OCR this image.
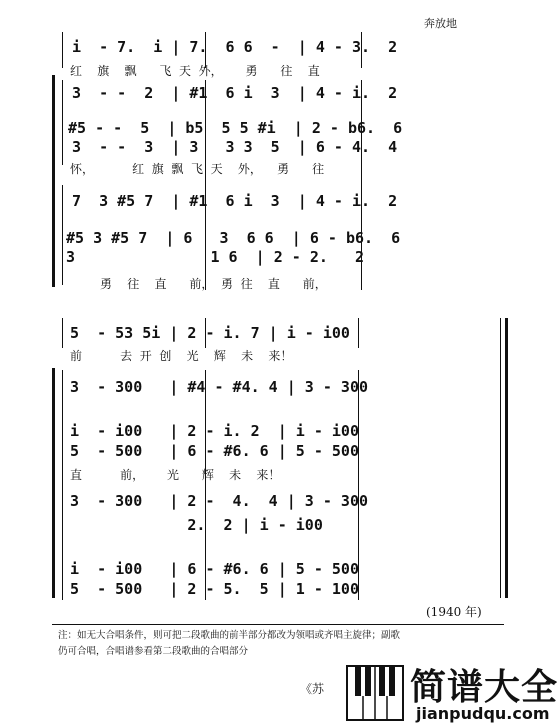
奔放地
i  - 7.  i | 7.  6 6  -  | 4 - 3.  2
红    旗    飘      飞  天  外，      勇      往    直
3  - -  2  | #1  6 i  3  | 4 - i.  2
#5 - -  5  | b5  5 5 #i  | 2 - b6.  6
3  - -  3  | 3   3 3  5  | 6 - 4.  4
怀，          红  旗  飘  飞  天    外，    勇      往
7  3 #5 7  | #1  6 i  3  | 4 - i.  2
#5 3 #5 7  | 6   3  6 6  | 6 - b6.  6
3               1 6  | 2 - 2.   2
勇    往    直      前，  勇  往    直      前，
5  - 53 5i | 2 - i. 7 | i - i00
前          去  开  创    光    辉    未    来！
3  - 300   | #4 - #4. 4 | 3 - 300
i  - i00   | 2 - i. 2  | i - i00
5  - 500   | 6 - #6. 6 | 5 - 500
直          前，      光      辉    未    来！
3  - 300   | 2 -  4.  4 | 3 - 300
2.  2 | i - i00
i  - i00   | 6 - #6. 6 | 5 - 500
5  - 500   | 2 - 5.  5 | 1 - 100
(1940 年)
注：如无大合唱条件，则可把二段歌曲的前半部分都改为领唱或齐唱主旋律；副歌
仍可合唱，合唱谱参看第二段歌曲的合唱部分
《苏 简谱大全
jianpudqu.com
